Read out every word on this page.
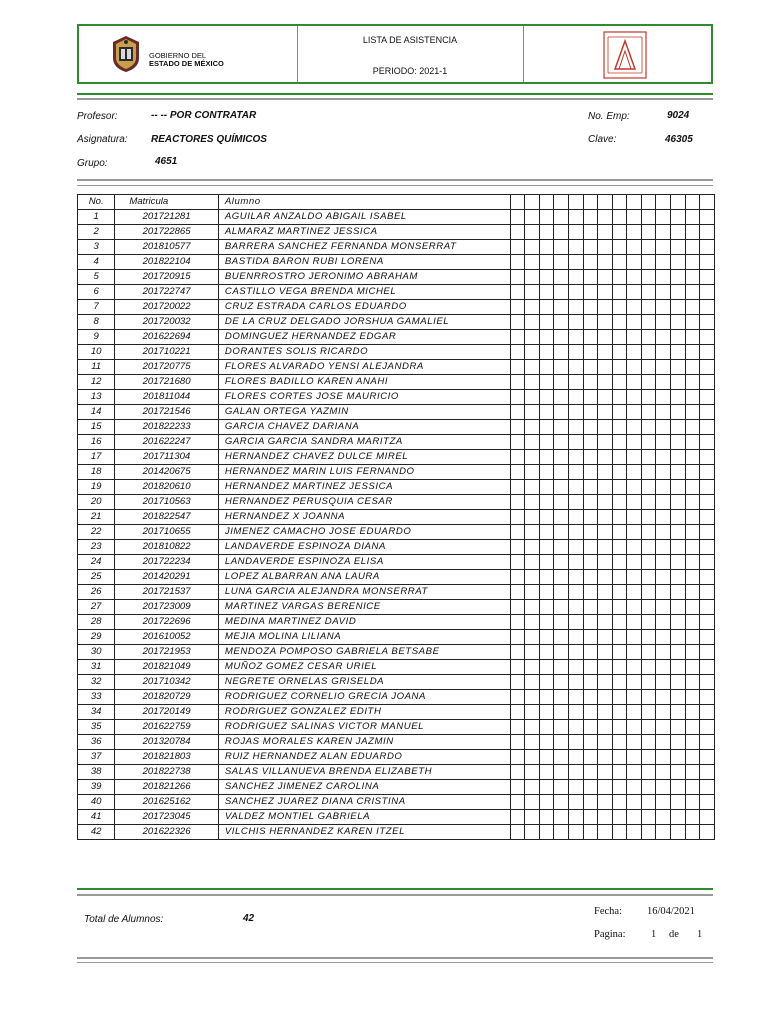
GOBIERNO DEL
ESTADO DE MÉXICO
LISTA DE ASISTENCIA
PERIODO: 2021-1
Profesor:	-- -- POR CONTRATAR
Asignatura: REACTORES QUÍMICOS
Grupo:	4651
No. Emp:	9024
Clave:	46305
No.	Matricula	Alumno														
1	201721281	AGUILAR ANZALDO ABIGAIL ISABEL														
2	201722865	ALMARAZ MARTINEZ JESSICA														
3	201810577	BARRERA SANCHEZ FERNANDA MONSERRAT														
4	201822104	BASTIDA BARON RUBI LORENA														
5	201720915	BUENRROSTRO JERONIMO ABRAHAM														
6	201722747	CASTILLO VEGA BRENDA MICHEL														
7	201720022	CRUZ ESTRADA CARLOS EDUARDO														
8	201720032	DE LA CRUZ DELGADO JORSHUA GAMALIEL														
9	201622694	DOMINGUEZ HERNANDEZ EDGAR														
10	201710221	DORANTES SOLIS RICARDO														
11	201720775	FLORES ALVARADO YENSI ALEJANDRA														
12	201721680	FLORES BADILLO KAREN ANAHI														
13	201811044	FLORES CORTES JOSE MAURICIO														
14	201721546	GALAN ORTEGA YAZMIN														
15	201822233	GARCIA CHAVEZ DARIANA														
16	201622247	GARCIA GARCIA SANDRA MARITZA														
17	201711304	HERNANDEZ CHAVEZ DULCE MIREL														
18	201420675	HERNANDEZ MARIN LUIS FERNANDO														
19	201820610	HERNANDEZ MARTINEZ JESSICA														
20	201710563	HERNANDEZ PERUSQUIA CESAR														
21	201822547	HERNANDEZ X JOANNA														
22	201710655	JIMENEZ CAMACHO JOSE EDUARDO														
23	201810822	LANDAVERDE ESPINOZA DIANA														
24	201722234	LANDAVERDE ESPINOZA ELISA														
25	201420291	LOPEZ ALBARRAN ANA LAURA														
26	201721537	LUNA GARCIA ALEJANDRA MONSERRAT														
27	201723009	MARTINEZ VARGAS BERENICE														
28	201722696	MEDINA MARTINEZ DAVID														
29	201610052	MEJIA MOLINA LILIANA														
30	201721953	MENDOZA POMPOSO GABRIELA BETSABE														
31	201821049	MUÑOZ GOMEZ CESAR URIEL														
32	201710342	NEGRETE ORNELAS GRISELDA														
33	201820729	RODRIGUEZ CORNELIO GRECIA JOANA														
34	201720149	RODRIGUEZ GONZALEZ EDITH														
35	201622759	RODRIGUEZ SALINAS VICTOR MANUEL														
36	201320784	ROJAS MORALES KAREN JAZMIN														
37	201821803	RUIZ HERNANDEZ ALAN EDUARDO														
38	201822738	SALAS VILLANUEVA BRENDA ELIZABETH														
39	201821266	SANCHEZ JIMENEZ CAROLINA														
40	201625162	SANCHEZ JUAREZ DIANA CRISTINA														
41	201723045	VALDEZ MONTIEL GABRIELA														
42	201622326	VILCHIS HERNANDEZ KAREN ITZEL														
Total de Alumnos:	42
Fecha: 16/04/2021
Pagina: 1 de 1
